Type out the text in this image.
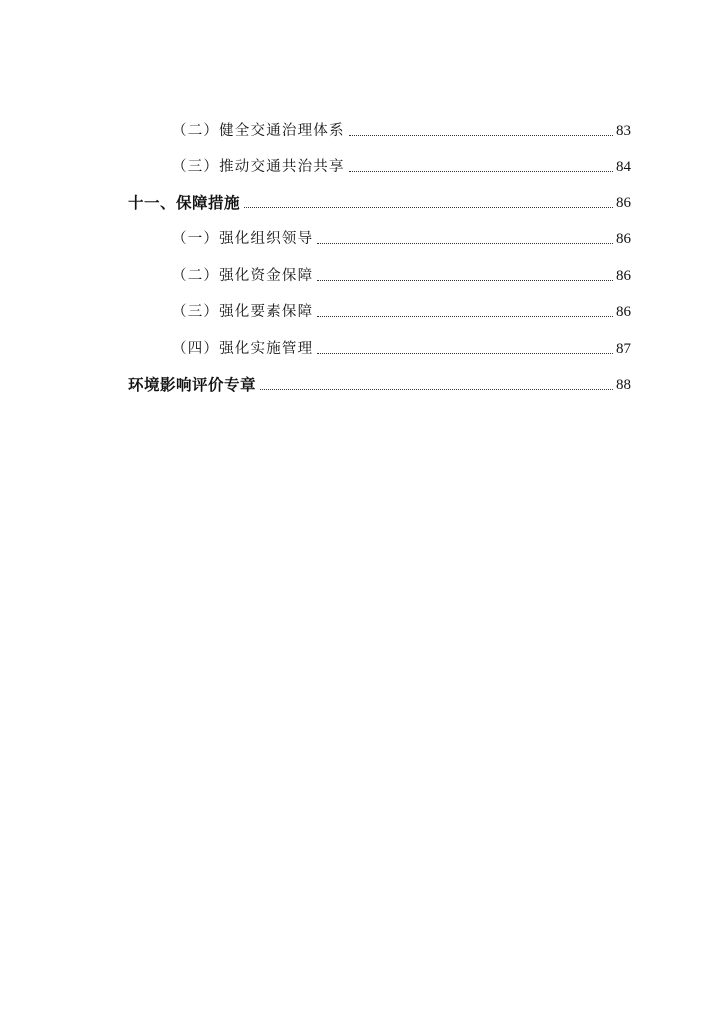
（二）健全交通治理体系	83
（三）推动交通共治共享	84
十一、保障措施	86
（一）强化组织领导	86
（二）强化资金保障	86
（三）强化要素保障	86
（四）强化实施管理	87
环境影响评价专章	88
